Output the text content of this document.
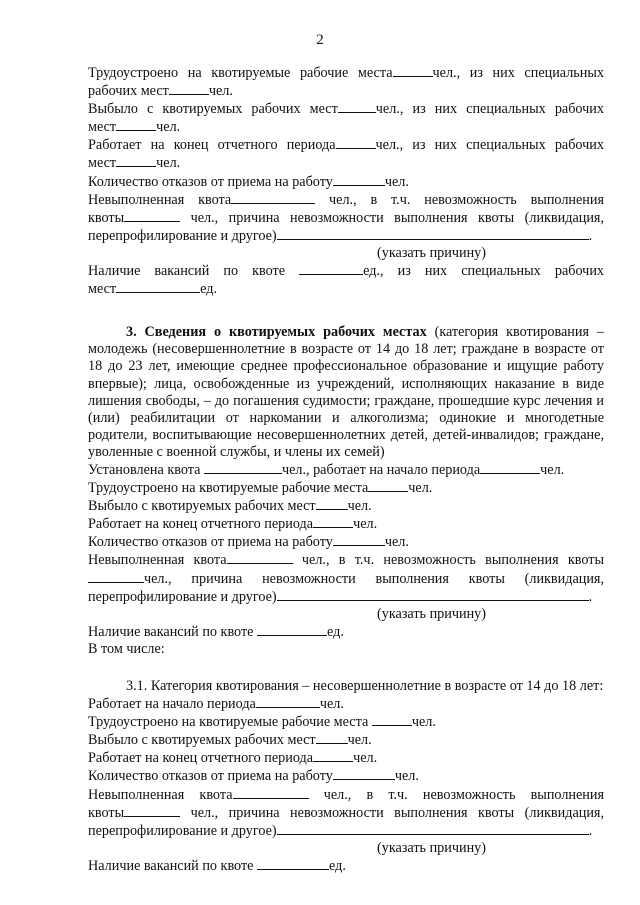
2

Трудоустроено на квотируемые рабочие места	чел., из них специальных

рабочих мест	чел.

Выбыло с квотируемых рабочих мест	чел., из них специальных рабочих

мест	чел.

Работает на конец отчетного периода	чел., из них специальных рабочих

мест	чел.

Количество отказов от приема на работу	чел.

Невыполненная квота	чел., в т.ч. невозможность выполнения

квоты	чел., причина невозможности выполнения квоты (ликвидация,

перепрофилирование и другое)	.

(указать причину)

Наличие вакансий по квоте	ед., из них специальных рабочих

мест	ед.

3. Сведения о квотируемых рабочих местах (категория квотирования – молодежь (несовершеннолетние в возрасте от 14 до 18 лет; граждане в возрасте от 18 до 23 лет, имеющие среднее профессиональное образование и ищущие работу впервые); лица, освобожденные из учреждений, исполняющих наказание в виде лишения свободы, – до погашения судимости; граждане, прошедшие курс лечения и (или) реабилитации от наркомании и алкоголизма; одинокие и многодетные родители, воспитывающие несовершеннолетних детей, детей-инвалидов; граждане, уволенные с военной службы, и члены их семей)

Установлена квота	чел., работает на начало периода	чел.

Трудоустроено на квотируемые рабочие места	чел.

Выбыло с квотируемых рабочих мест чел.

Работает на конец отчетного периода	чел.

Количество отказов от приема на работу	чел.

Невыполненная квота	чел., в т.ч. невозможность выполнения квоты

чел., причина невозможности выполнения квоты (ликвидация,

перепрофилирование и другое)	.

(указать причину)

Наличие вакансий по квоте	ед.

В том числе:

3.1. Категория квотирования – несовершеннолетние в возрасте от 14 до 18 лет:

Работает на начало периода	чел.

Трудоустроено на квотируемые рабочие места	чел.

Выбыло с квотируемых рабочих мест чел.

Работает на конец отчетного периода	чел.

Количество отказов от приема на работу	чел.

Невыполненная квота	чел., в т.ч. невозможность выполнения

квоты	чел., причина невозможности выполнения квоты (ликвидация,

перепрофилирование и другое)	.

(указать причину)

Наличие вакансий по квоте	ед.
